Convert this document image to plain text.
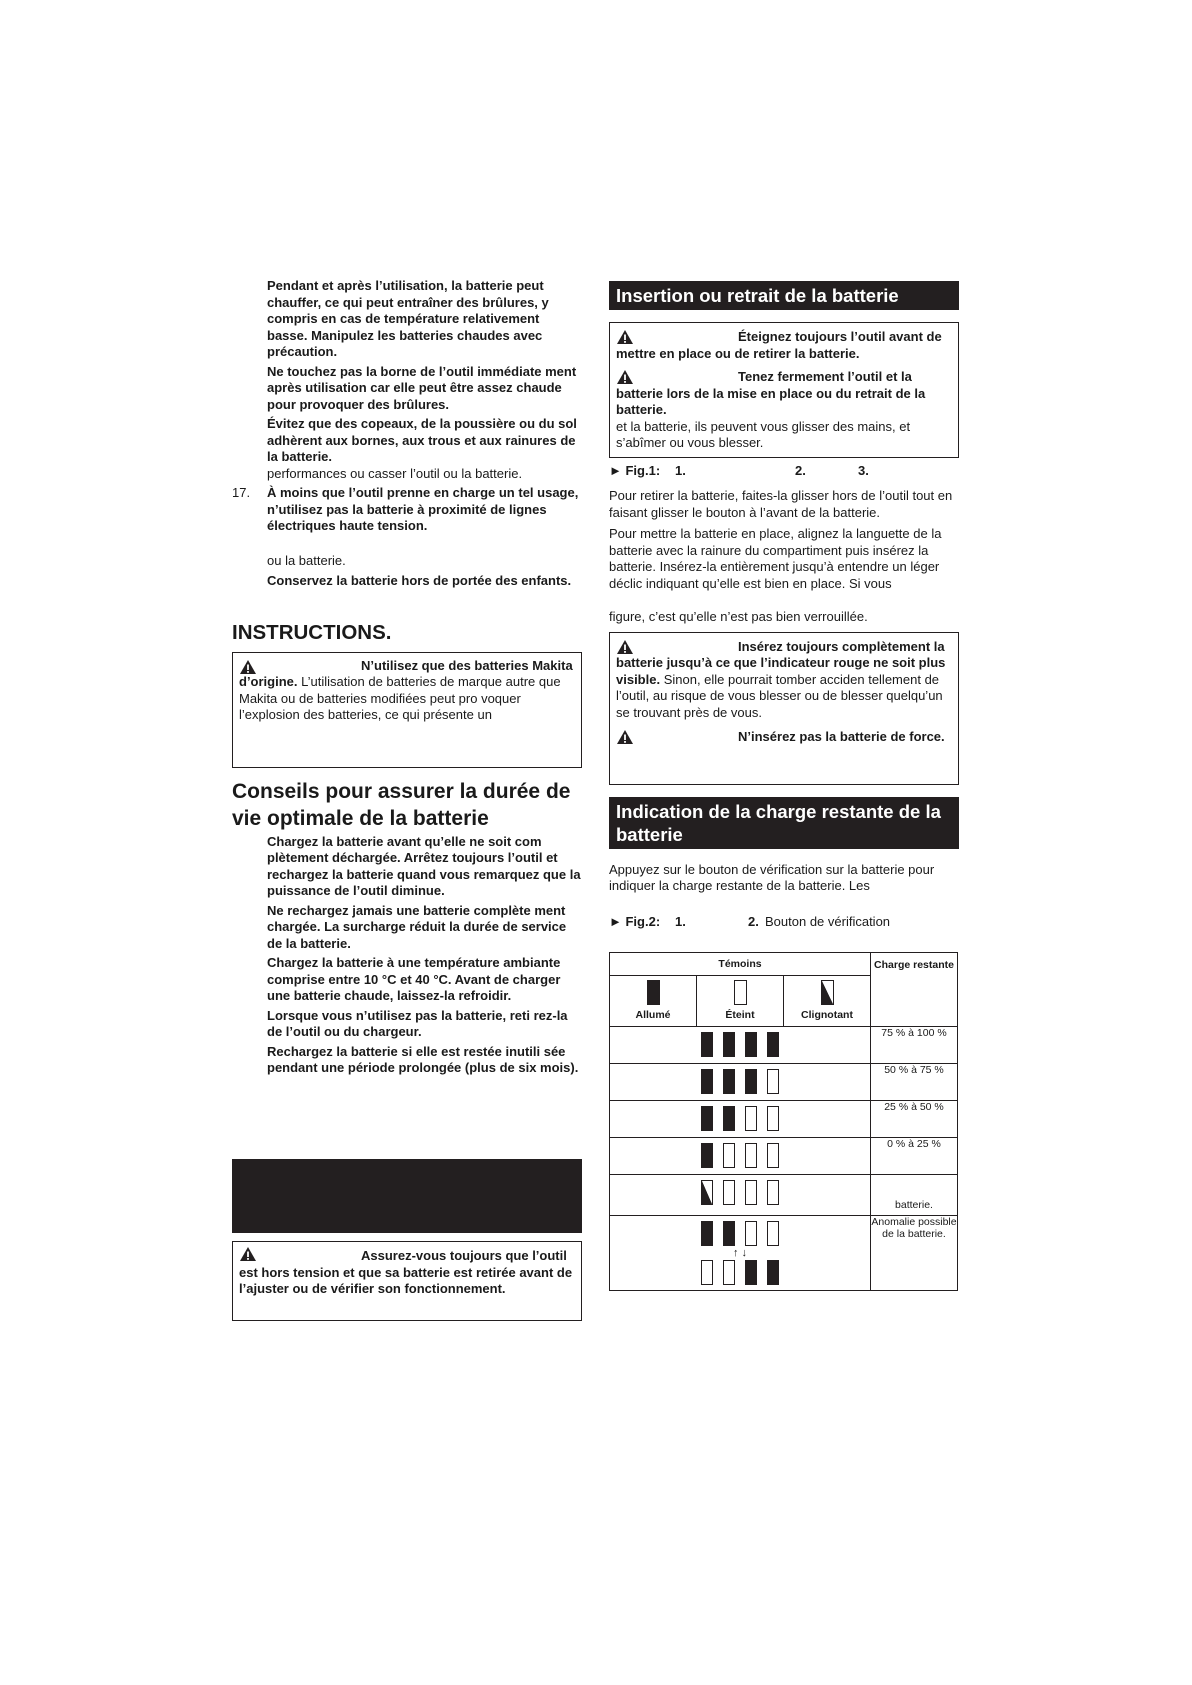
Pendant et après l’utilisation, la batterie peut chauffer, ce qui peut entraîner des brûlures, y compris en cas de température relativement basse. Manipulez les batteries chaudes avec précaution.

Ne touchez pas la borne de l’outil immédiate ment après utilisation car elle peut être assez chaude pour provoquer des brûlures.

Évitez que des copeaux, de la poussière ou du sol adhèrent aux bornes, aux trous et aux rainures de la batterie.

performances ou casser l’outil ou la batterie.

17.	À moins que l’outil prenne en charge un tel usage, n’utilisez pas la batterie à proximité de lignes électriques haute tension.

ou la batterie.

Conservez la batterie hors de portée des enfants.

INSTRUCTIONS.

N’utilisez que des batteries Makita d’origine. L’utilisation de batteries de marque autre que Makita ou de batteries modifiées peut pro voquer l’explosion des batteries, ce qui présente un

Conseils pour assurer la durée de vie optimale de la batterie

Chargez la batterie avant qu’elle ne soit com plètement déchargée. Arrêtez toujours l’outil et rechargez la batterie quand vous remarquez que la puissance de l’outil diminue.

Ne rechargez jamais une batterie complète ment chargée. La surcharge réduit la durée de service de la batterie.

Chargez la batterie à une température ambiante comprise entre 10 °C et 40 °C. Avant de charger une batterie chaude, laissez-la refroidir.

Lorsque vous n’utilisez pas la batterie, reti rez-la de l’outil ou du chargeur.

Rechargez la batterie si elle est restée inutili sée pendant une période prolongée (plus de six mois).

Assurez-vous toujours que l’outil est hors tension et que sa batterie est retirée avant de l’ajuster ou de vérifier son fonctionnement.

Insertion ou retrait de la batterie

Éteignez toujours l’outil avant de mettre en place ou de retirer la batterie.

Tenez fermement l’outil et la batterie lors de la mise en place ou du retrait de la batterie.

et la batterie, ils peuvent vous glisser des mains, et s’abîmer ou vous blesser.

► Fig.1:	1.	2.	3.

Pour retirer la batterie, faites-la glisser hors de l’outil tout en faisant glisser le bouton à l’avant de la batterie.

Pour mettre la batterie en place, alignez la languette de la batterie avec la rainure du compartiment puis insérez la batterie. Insérez-la entièrement jusqu’à entendre un léger déclic indiquant qu’elle est bien en place. Si vous

figure, c’est qu’elle n’est pas bien verrouillée.

Insérez toujours complètement la batterie jusqu’à ce que l’indicateur rouge ne soit plus visible. Sinon, elle pourrait tomber acciden tellement de l’outil, au risque de vous blesser ou de blesser quelqu’un se trouvant près de vous.

N’insérez pas la batterie de force.

Indication de la charge restante de la batterie

Appuyez sur le bouton de vérification sur la batterie pour indiquer la charge restante de la batterie. Les

► Fig.2:	1.	2. Bouton de vérification
Témoins			Charge restante

Allumé	Éteint	Clignotant	

			75 % à 100 %

			50 % à 75 %

			25 % à 50 %

			0 % à 25 %

			batterie.

↑ ↓			Anomalie possible de la batterie.
